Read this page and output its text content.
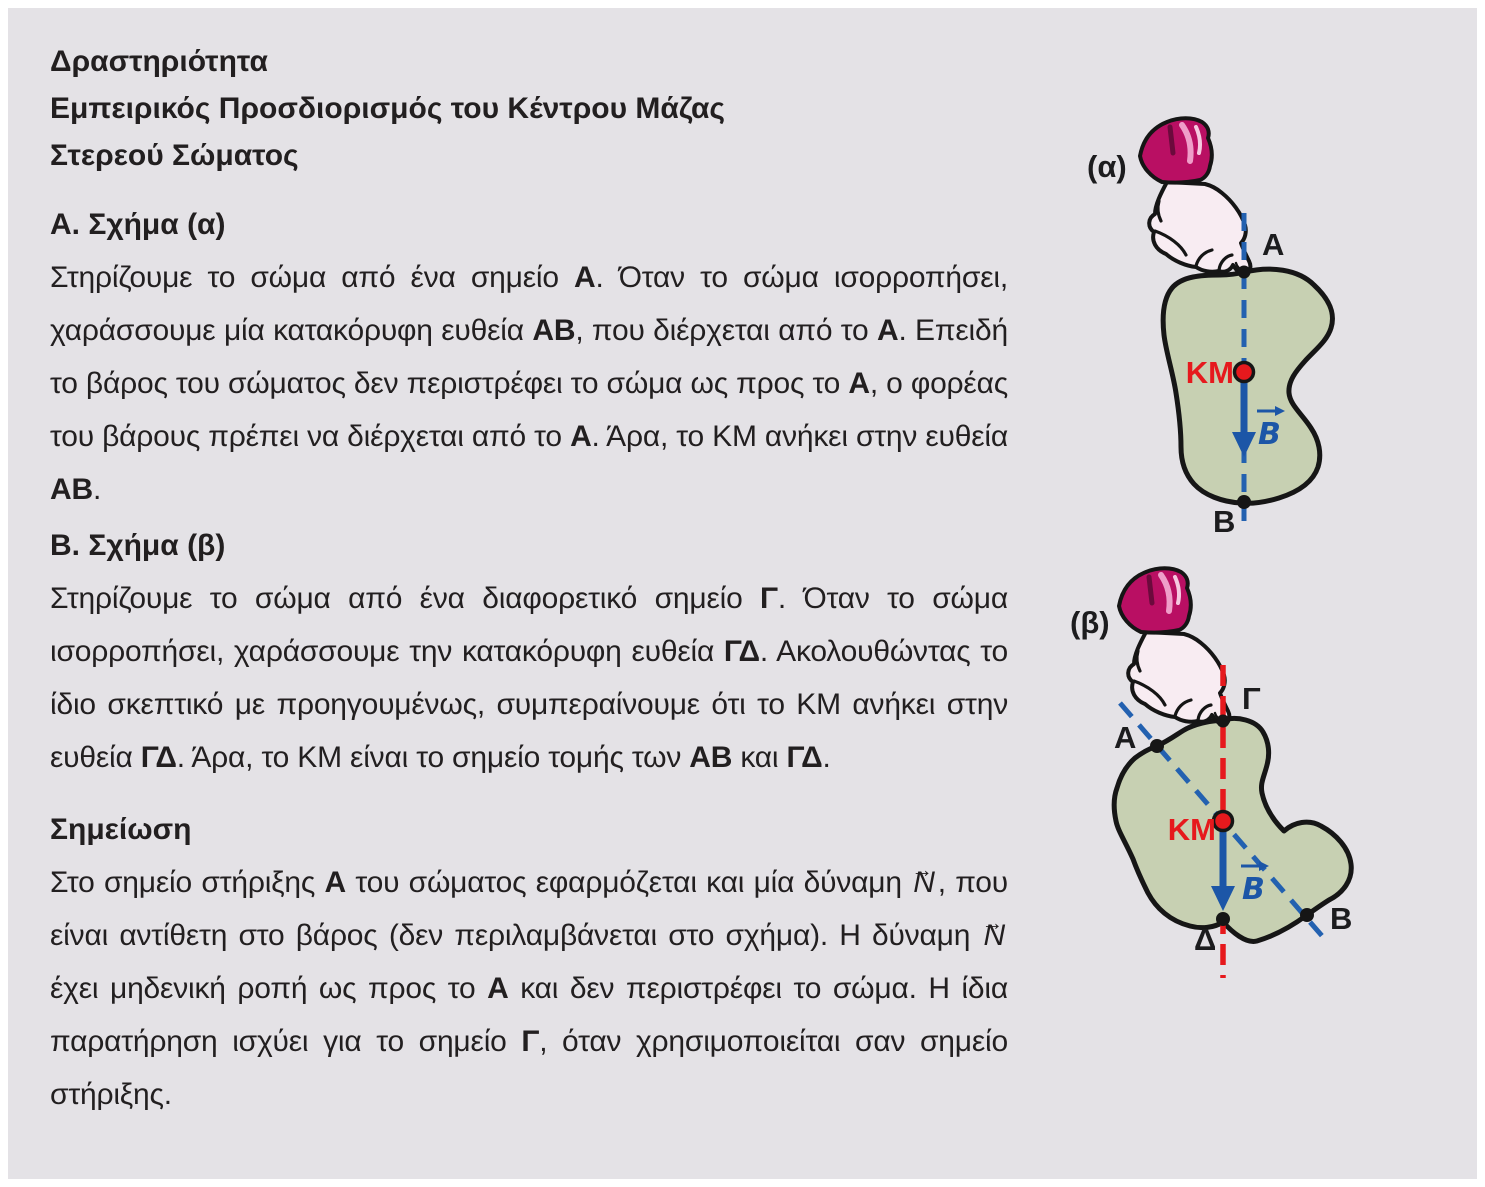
Δραστηριότητα
Εμπειρικός Προσδιορισμός του Κέντρου Μάζας
Στερεού Σώματος
Α. Σχήμα (α)

Στηρίζουμε το σώμα από ένα σημείο Α. Όταν το σώμα ισορροπήσει, χαράσσουμε μία κατακόρυφη ευθεία ΑΒ, που διέρχεται από το Α. Επειδή το βάρος του σώματος δεν περιστρέφει το σώμα ως προς το Α, ο φορέας του βάρους πρέπει να διέρχεται από το Α. Άρα, το ΚΜ ανήκει στην ευθεία ΑΒ.

Β. Σχήμα (β)

Στηρίζουμε το σώμα από ένα διαφορετικό σημείο Γ. Όταν το σώμα ισορροπήσει, χαράσσουμε την κατακόρυφη ευθεία ΓΔ. Ακολουθώντας το ίδιο σκεπτικό με προηγουμένως, συμπεραίνουμε ότι το ΚΜ ανήκει στην ευθεία ΓΔ. Άρα, το ΚΜ είναι το σημείο τομής των ΑΒ και ΓΔ.

Σημείωση

Στο σημείο στήριξης Α του σώματος εφαρμόζεται και μία δύναμη → N , που είναι αντίθετη στο βάρος (δεν περιλαμβάνεται στο σχήμα). Η δύναμη → N έχει μηδενική ροπή ως προς το Α και δεν περιστρέφει το σώμα. Η ίδια παρατήρηση ισχύει για το σημείο Γ, όταν χρησιμοποιείται σαν σημείο στήριξης.

(α)
A
B
KM
B
(β)
Γ
A
B
Δ
KM
B
